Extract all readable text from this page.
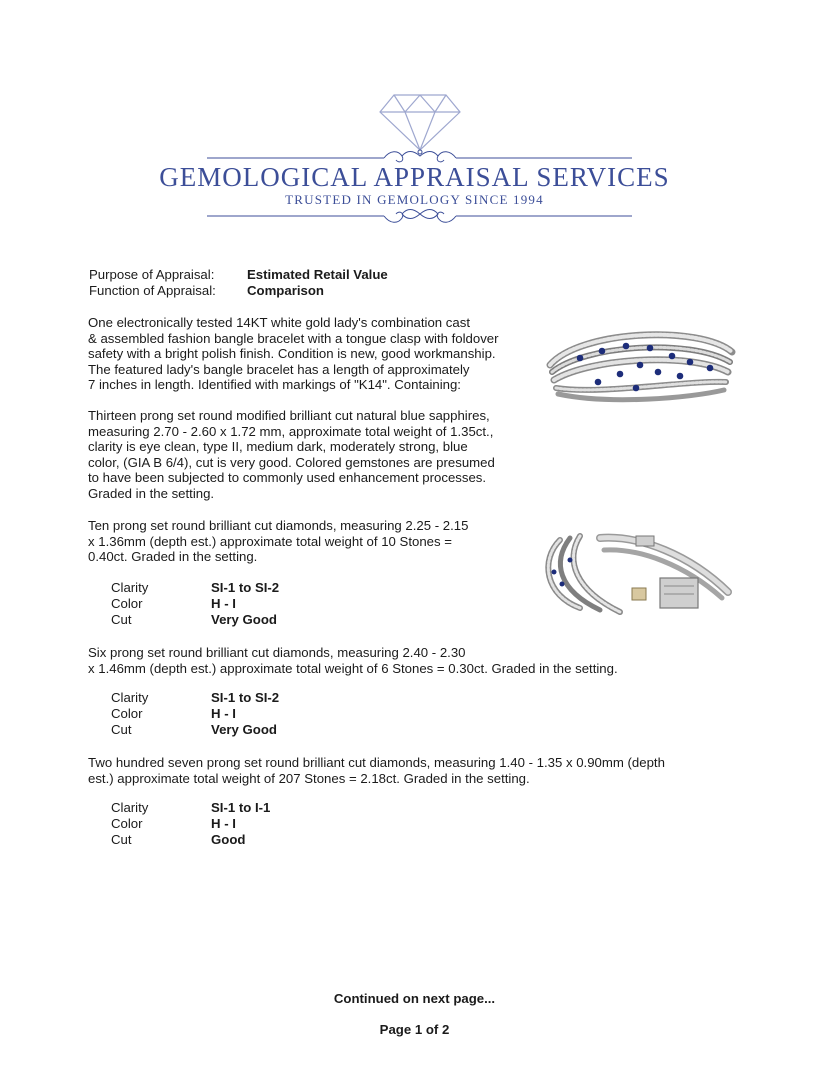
GEMOLOGICAL APPRAISAL SERVICES
TRUSTED IN GEMOLOGY SINCE 1994
Purpose of Appraisal: Estimated Retail Value
Function of Appraisal: Comparison
One electronically tested 14KT white gold lady's combination cast
& assembled fashion bangle bracelet with a tongue clasp with foldover
safety with a bright polish finish. Condition is new, good workmanship.
The featured lady's bangle bracelet has a length of approximately
7 inches in length. Identified with markings of "K14". Containing:
Thirteen prong set round modified brilliant cut natural blue sapphires,
measuring 2.70 - 2.60 x 1.72 mm, approximate total weight of 1.35ct.,
clarity is eye clean, type II, medium dark, moderately strong, blue
color, (GIA B 6/4), cut is very good. Colored gemstones are presumed
to have been subjected to commonly used enhancement processes.
Graded in the setting.
Ten prong set round brilliant cut diamonds, measuring 2.25 - 2.15
x 1.36mm (depth est.) approximate total weight of 10 Stones =
0.40ct. Graded in the setting.
Clarity	SI-1 to SI-2
Color	H - I
Cut	Very Good
Six prong set round brilliant cut diamonds, measuring 2.40 - 2.30
x 1.46mm (depth est.) approximate total weight of 6 Stones = 0.30ct. Graded in the setting.
Clarity	SI-1 to SI-2
Color	H - I
Cut	Very Good
Two hundred seven prong set round brilliant cut diamonds, measuring 1.40 - 1.35 x 0.90mm (depth
est.) approximate total weight of 207 Stones = 2.18ct. Graded in the setting.
Clarity	SI-1 to I-1
Color	H - I
Cut	Good
Continued on next page...
Page 1 of 2
